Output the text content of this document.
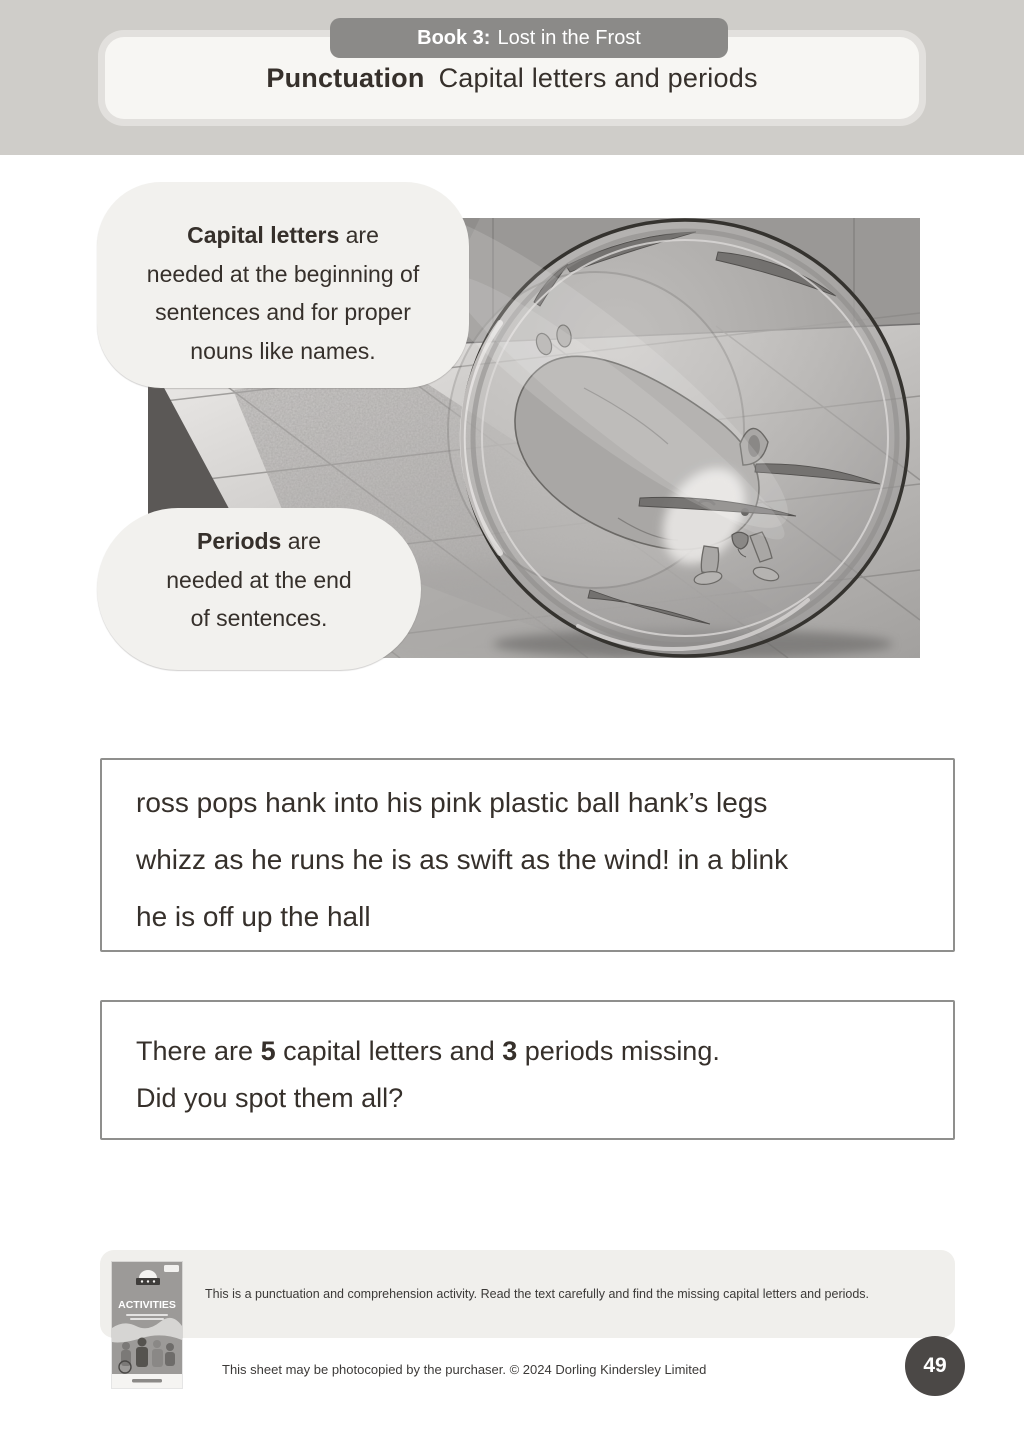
Punctuation Capital letters and periods
Book 3: Lost in the Frost
Capital letters are
needed at the beginning of
sentences and for proper
nouns like names.
Periods are
needed at the end
of sentences.
ross pops hank into his pink plastic ball hank’s legs
whizz as he runs he is as swift as the wind! in a blink
he is off up the hall
There are 5 capital letters and 3 periods missing.
Did you spot them all?
ACTIVITIES
This is a punctuation and comprehension activity. Read the text carefully and find the missing capital letters and periods.
This sheet may be photocopied by the purchaser. © 2024 Dorling Kindersley Limited	49
